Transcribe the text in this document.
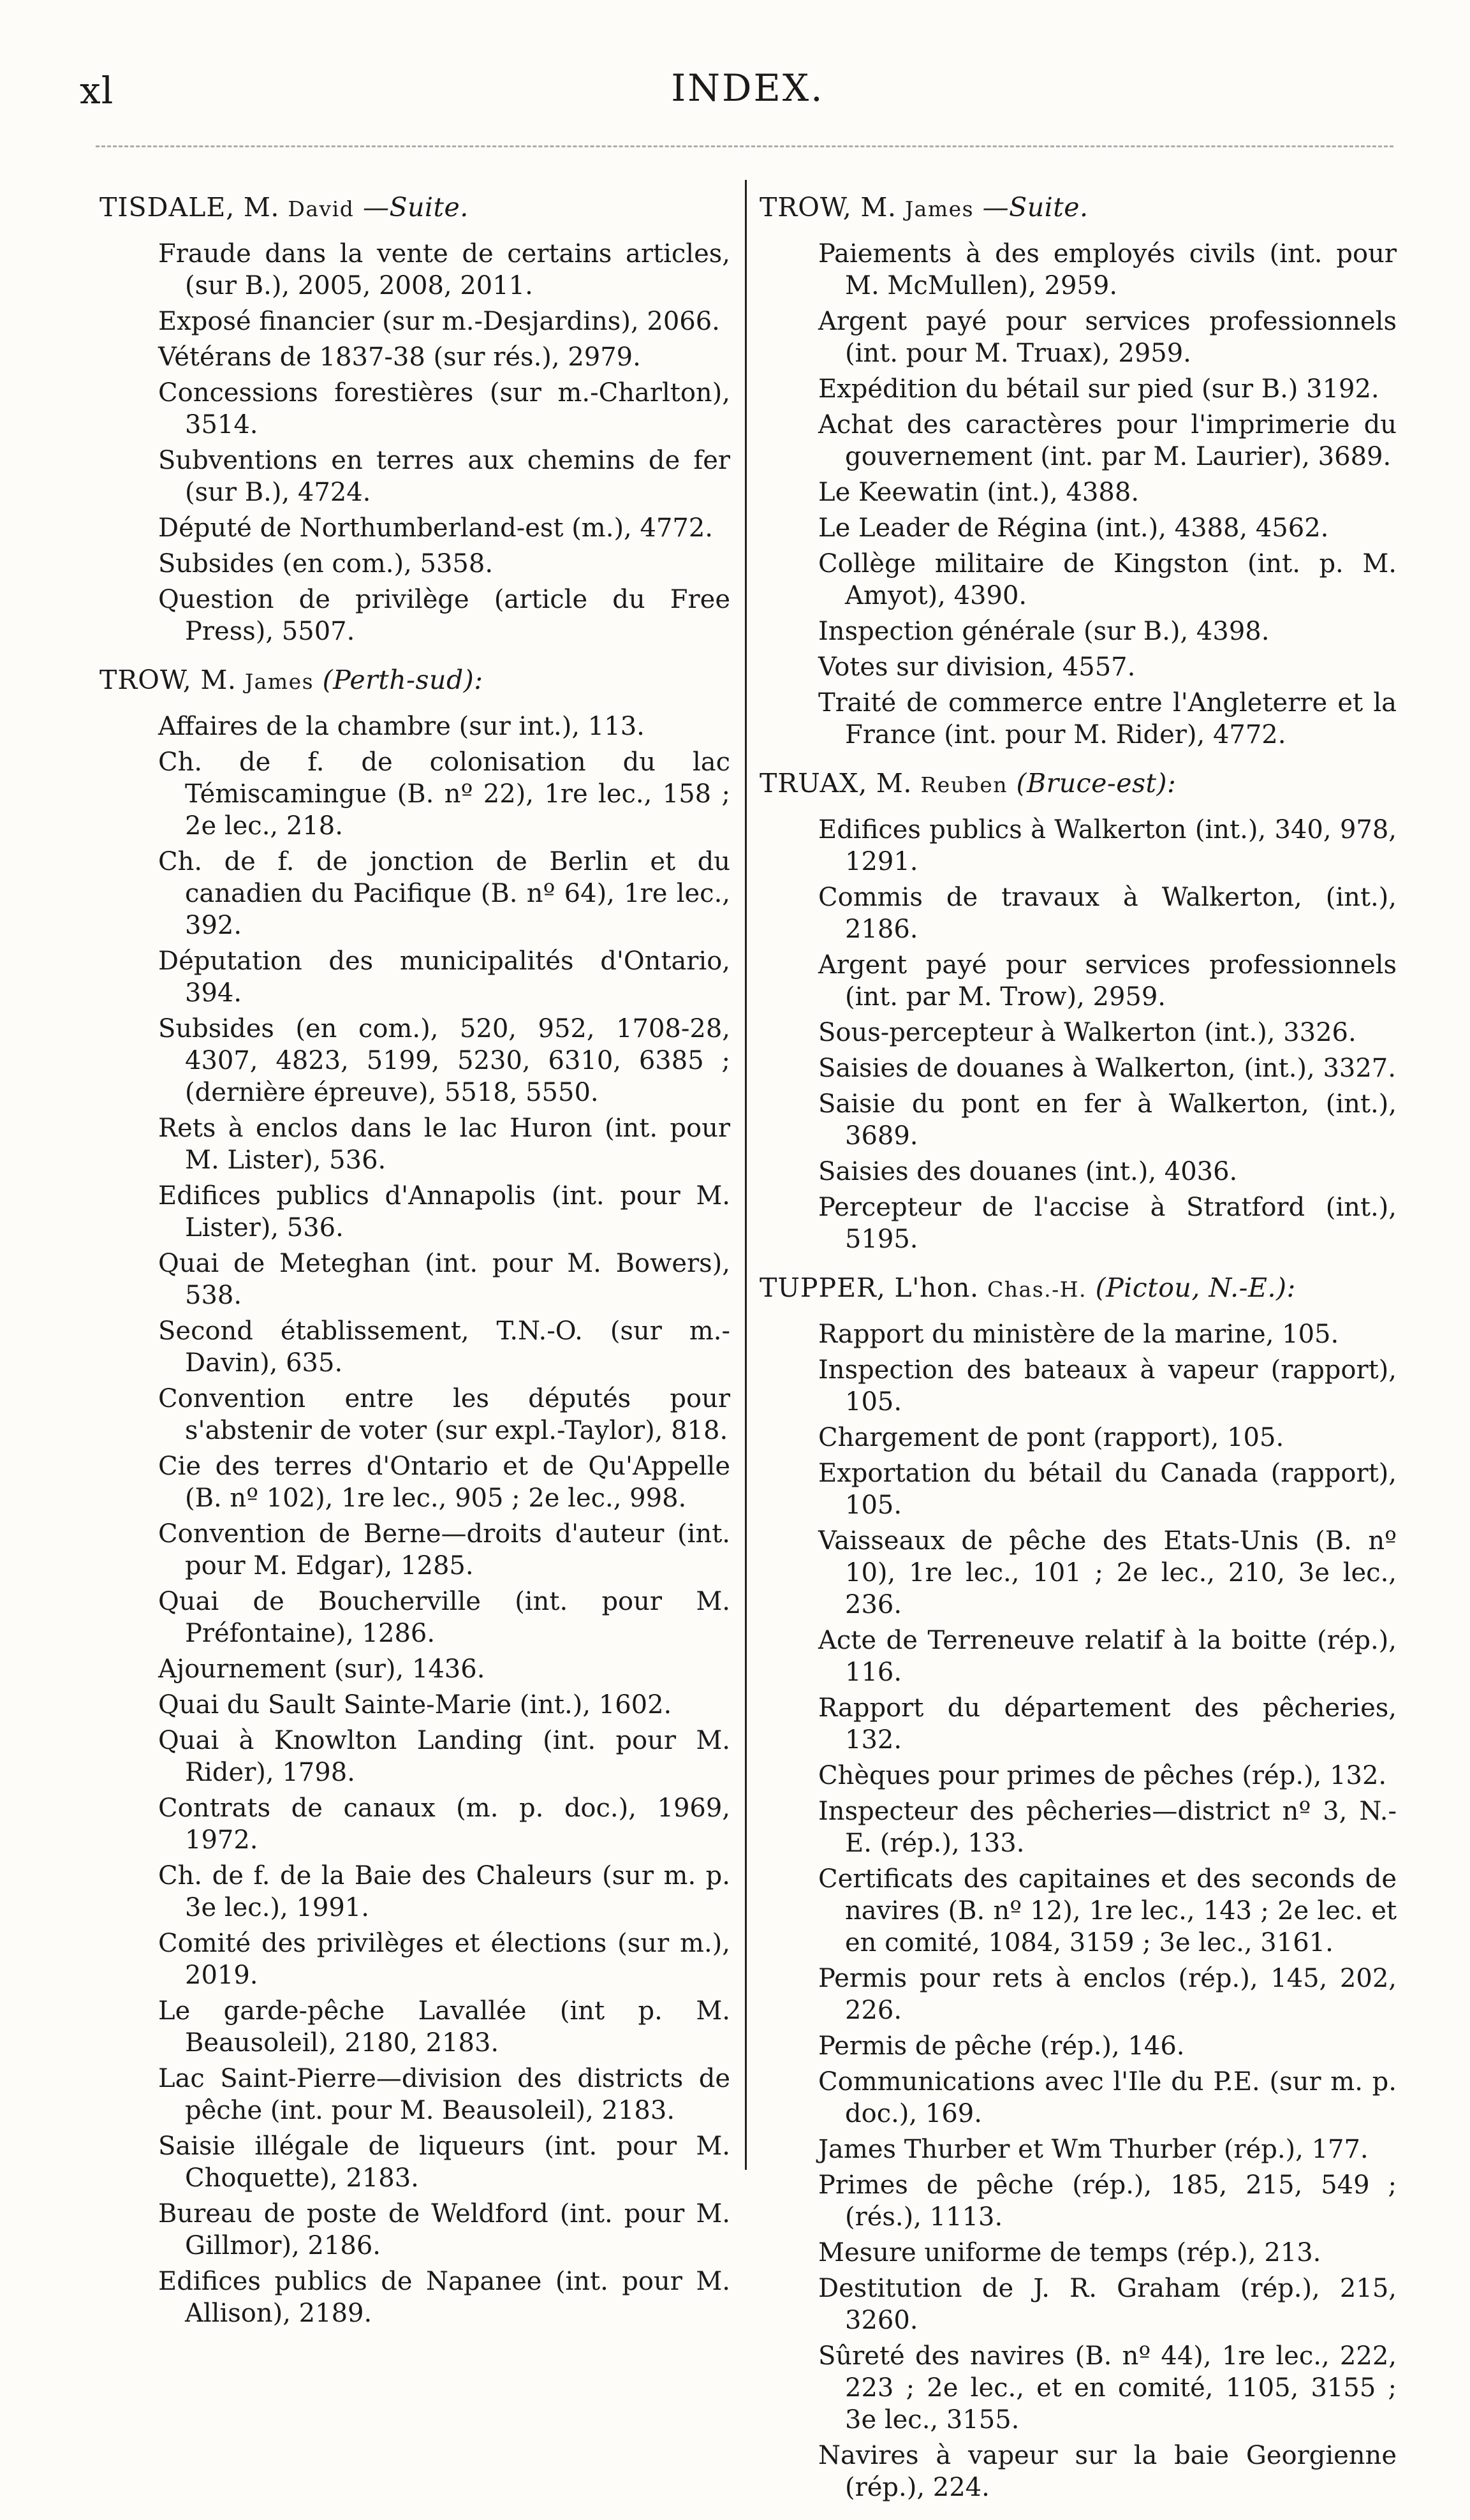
xl	INDEX.
TISDALE, M. David —Suite.
Fraude dans la vente de certains articles, (sur B.), 2005, 2008, 2011.
Exposé financier (sur m.-Desjardins), 2066.
Vétérans de 1837-38 (sur rés.), 2979.
Concessions forestières (sur m.-Charlton), 3514.
Subventions en terres aux chemins de fer (sur B.), 4724.
Député de Northumberland-est (m.), 4772.
Subsides (en com.), 5358.
Question de privilège (article du Free Press), 5507.
TROW, M. James (Perth-sud):
Affaires de la chambre (sur int.), 113.
Ch. de f. de colonisation du lac Témiscamingue (B. nº 22), 1re lec., 158 ; 2e lec., 218.
Ch. de f. de jonction de Berlin et du canadien du Pacifique (B. nº 64), 1re lec., 392.
Députation des municipalités d'Ontario, 394.
Subsides (en com.), 520, 952, 1708-28, 4307, 4823, 5199, 5230, 6310, 6385 ; (dernière épreuve), 5518, 5550.
Rets à enclos dans le lac Huron (int. pour M. Lister), 536.
Edifices publics d'Annapolis (int. pour M. Lister), 536.
Quai de Meteghan (int. pour M. Bowers), 538.
Second établissement, T.N.-O. (sur m.-Davin), 635.
Convention entre les députés pour s'abstenir de voter (sur expl.-Taylor), 818.
Cie des terres d'Ontario et de Qu'Appelle (B. nº 102), 1re lec., 905 ; 2e lec., 998.
Convention de Berne—droits d'auteur (int. pour M. Edgar), 1285.
Quai de Boucherville (int. pour M. Préfontaine), 1286.
Ajournement (sur), 1436.
Quai du Sault Sainte-Marie (int.), 1602.
Quai à Knowlton Landing (int. pour M. Rider), 1798.
Contrats de canaux (m. p. doc.), 1969, 1972.
Ch. de f. de la Baie des Chaleurs (sur m. p. 3e lec.), 1991.
Comité des privilèges et élections (sur m.), 2019.
Le garde-pêche Lavallée (int p. M. Beausoleil), 2180, 2183.
Lac Saint-Pierre—division des districts de pêche (int. pour M. Beausoleil), 2183.
Saisie illégale de liqueurs (int. pour M. Choquette), 2183.
Bureau de poste de Weldford (int. pour M. Gillmor), 2186.
Edifices publics de Napanee (int. pour M. Allison), 2189.
TROW, M. James —Suite.
Paiements à des employés civils (int. pour M. McMullen), 2959.
Argent payé pour services professionnels (int. pour M. Truax), 2959.
Expédition du bétail sur pied (sur B.) 3192.
Achat des caractères pour l'imprimerie du gouvernement (int. par M. Laurier), 3689.
Le Keewatin (int.), 4388.
Le Leader de Régina (int.), 4388, 4562.
Collège militaire de Kingston (int. p. M. Amyot), 4390.
Inspection générale (sur B.), 4398.
Votes sur division, 4557.
Traité de commerce entre l'Angleterre et la France (int. pour M. Rider), 4772.
TRUAX, M. Reuben (Bruce-est):
Edifices publics à Walkerton (int.), 340, 978, 1291.
Commis de travaux à Walkerton, (int.), 2186.
Argent payé pour services professionnels (int. par M. Trow), 2959.
Sous-percepteur à Walkerton (int.), 3326.
Saisies de douanes à Walkerton, (int.), 3327.
Saisie du pont en fer à Walkerton, (int.), 3689.
Saisies des douanes (int.), 4036.
Percepteur de l'accise à Stratford (int.), 5195.
TUPPER, L'hon. Chas.-H. (Pictou, N.-E.):
Rapport du ministère de la marine, 105.
Inspection des bateaux à vapeur (rapport), 105.
Chargement de pont (rapport), 105.
Exportation du bétail du Canada (rapport), 105.
Vaisseaux de pêche des Etats-Unis (B. nº 10), 1re lec., 101 ; 2e lec., 210, 3e lec., 236.
Acte de Terreneuve relatif à la boitte (rép.), 116.
Rapport du département des pêcheries, 132.
Chèques pour primes de pêches (rép.), 132.
Inspecteur des pêcheries—district nº 3, N.-E. (rép.), 133.
Certificats des capitaines et des seconds de navires (B. nº 12), 1re lec., 143 ; 2e lec. et en comité, 1084, 3159 ; 3e lec., 3161.
Permis pour rets à enclos (rép.), 145, 202, 226.
Permis de pêche (rép.), 146.
Communications avec l'Ile du P.E. (sur m. p. doc.), 169.
James Thurber et Wm Thurber (rép.), 177.
Primes de pêche (rép.), 185, 215, 549 ; (rés.), 1113.
Mesure uniforme de temps (rép.), 213.
Destitution de J. R. Graham (rép.), 215, 3260.
Sûreté des navires (B. nº 44), 1re lec., 222, 223 ; 2e lec., et en comité, 1105, 3155 ; 3e lec., 3155.
Navires à vapeur sur la baie Georgienne (rép.), 224.
